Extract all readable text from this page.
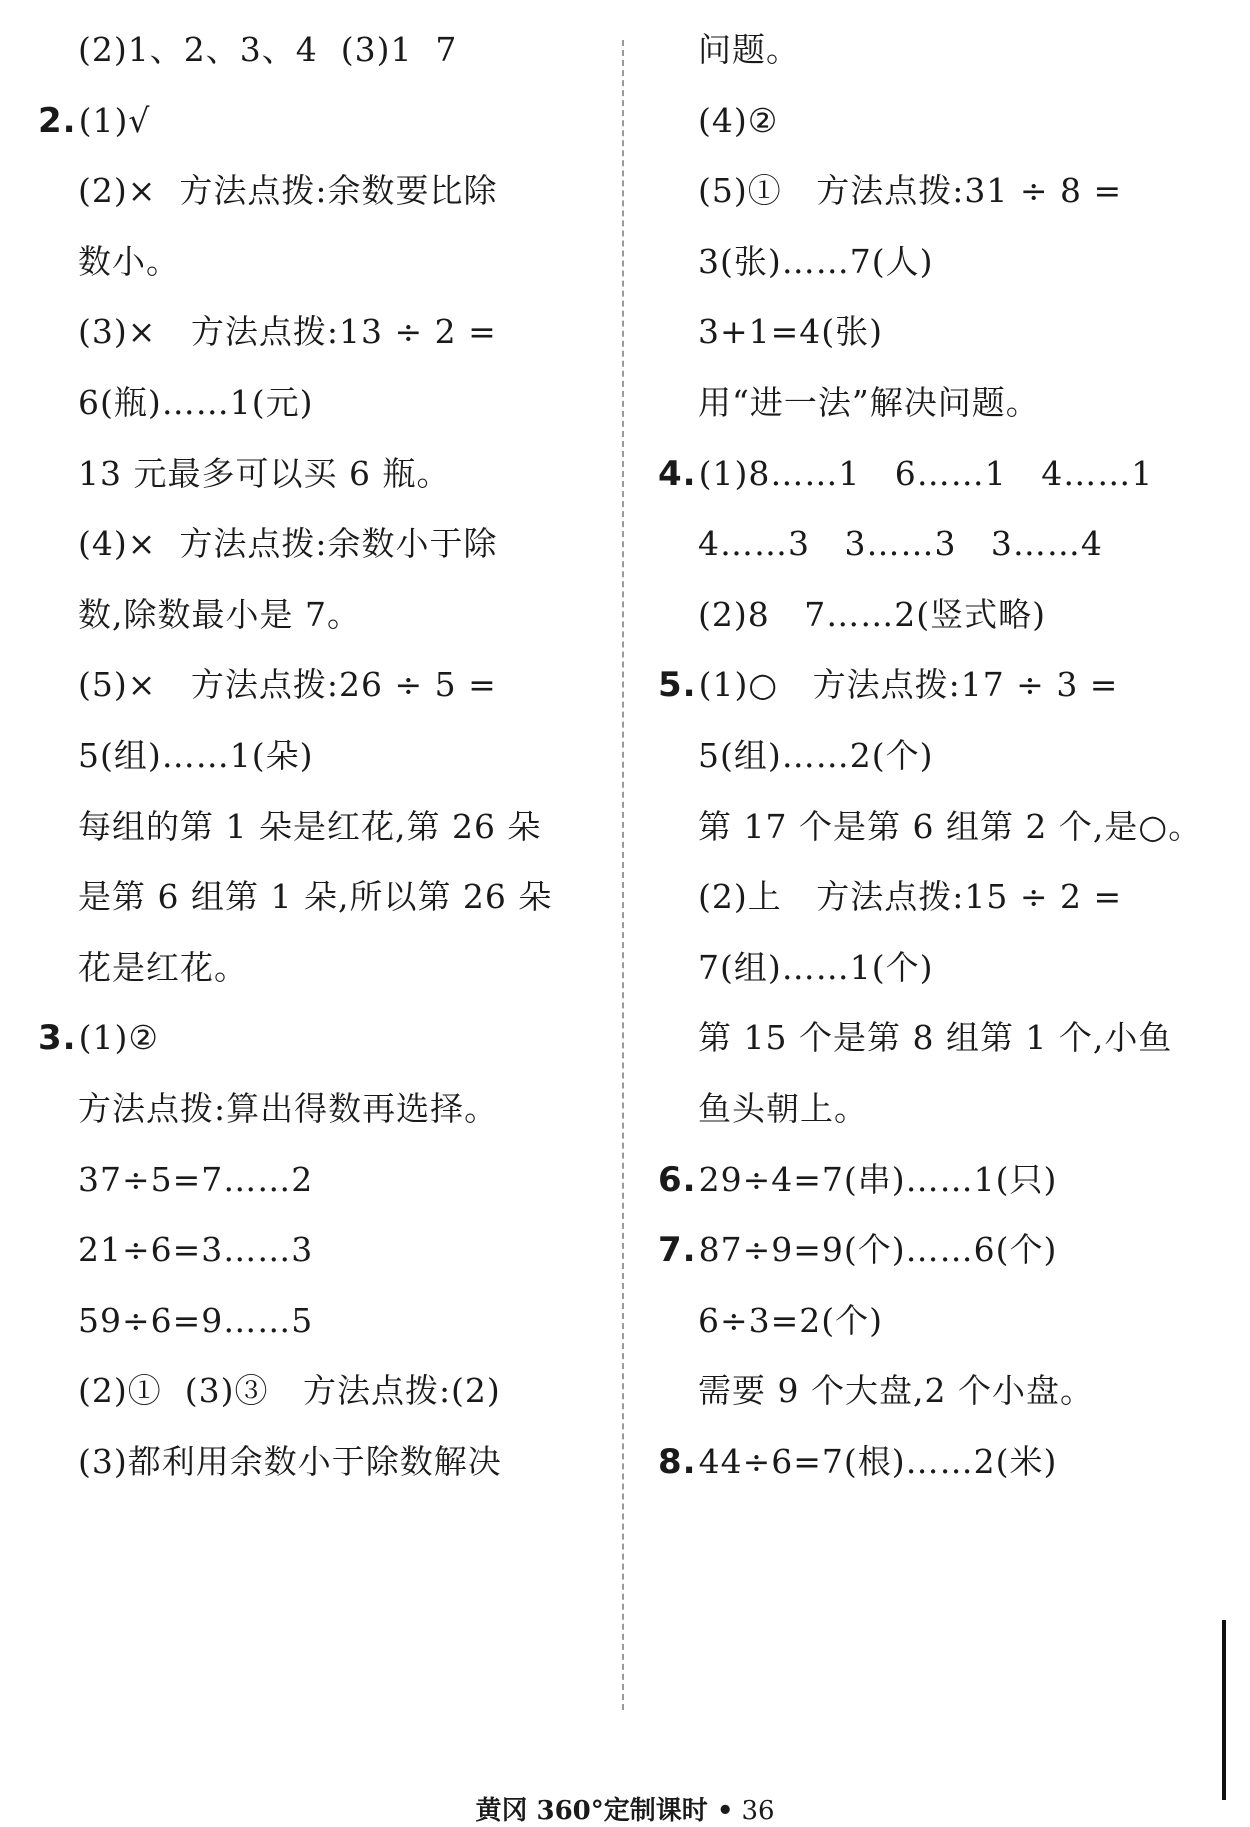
(2)1、2、3、4  (3)1  7
2.(1)√
(2)×  方法点拨:余数要比除
数小。
(3)×   方法点拨:13 ÷ 2 =
6(瓶)……1(元)
13 元最多可以买 6 瓶。
(4)×  方法点拨:余数小于除
数,除数最小是 7。
(5)×   方法点拨:26 ÷ 5 =
5(组)……1(朵)
每组的第 1 朵是红花,第 26 朵
是第 6 组第 1 朵,所以第 26 朵
花是红花。
3.(1)②
方法点拨:算出得数再选择。
37÷5=7……2
21÷6=3……3
59÷6=9……5
(2)①  (3)③   方法点拨:(2)
(3)都利用余数小于除数解决
问题。
(4)②
(5)①   方法点拨:31 ÷ 8 =
3(张)……7(人)
3+1=4(张)
用“进一法”解决问题。
4.(1)8……1   6……1   4……1
4……3   3……3   3……4
(2)8   7……2(竖式略)
5.(1)○   方法点拨:17 ÷ 3 =
5(组)……2(个)
第 17 个是第 6 组第 2 个,是○。
(2)上   方法点拨:15 ÷ 2 =
7(组)……1(个)
第 15 个是第 8 组第 1 个,小鱼
鱼头朝上。
6.29÷4=7(串)……1(只)
7.87÷9=9(个)……6(个)
6÷3=2(个)
需要 9 个大盘,2 个小盘。
8.44÷6=7(根)……2(米)
黄冈 360°定制课时 • 36
